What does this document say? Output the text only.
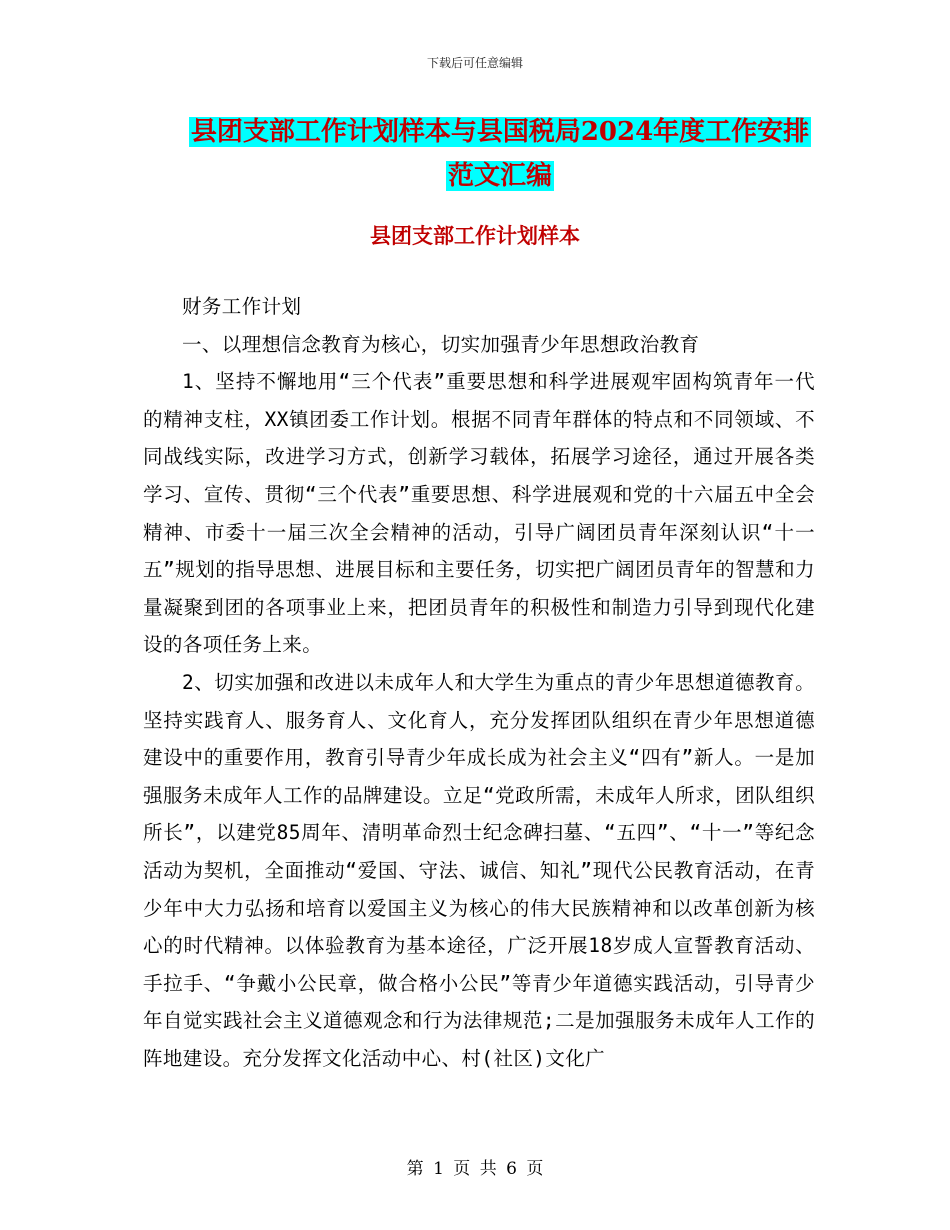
下载后可任意编辑
县团支部工作计划样本与县国税局2024年度工作安排
范文汇编
县团支部工作计划样本

财务工作计划

一、以理想信念教育为核心，切实加强青少年思想政治教育

1、坚持不懈地用“三个代表”重要思想和科学进展观牢固构筑青年一代的精神支柱，XX镇团委工作计划。根据不同青年群体的特点和不同领域、不同战线实际，改进学习方式，创新学习载体，拓展学习途径，通过开展各类学习、宣传、贯彻“三个代表”重要思想、科学进展观和党的十六届五中全会精神、市委十一届三次全会精神的活动，引导广阔团员青年深刻认识“十一五”规划的指导思想、进展目标和主要任务，切实把广阔团员青年的智慧和力量凝聚到团的各项事业上来，把团员青年的积极性和制造力引导到现代化建设的各项任务上来。

2、切实加强和改进以未成年人和大学生为重点的青少年思想道德教育。坚持实践育人、服务育人、文化育人，充分发挥团队组织在青少年思想道德建设中的重要作用，教育引导青少年成长成为社会主义“四有”新人。一是加强服务未成年人工作的品牌建设。立足“党政所需，未成年人所求，团队组织所长”，以建党85周年、清明革命烈士纪念碑扫墓、“五四”、“十一”等纪念活动为契机，全面推动“爱国、守法、诚信、知礼”现代公民教育活动，在青少年中大力弘扬和培育以爱国主义为核心的伟大民族精神和以改革创新为核心的时代精神。以体验教育为基本途径，广泛开展18岁成人宣誓教育活动、手拉手、“争戴小公民章，做合格小公民”等青少年道德实践活动，引导青少年自觉实践社会主义道德观念和行为法律规范;二是加强服务未成年人工作的阵地建设。充分发挥文化活动中心、村(社区)文化广

第 1 页 共 6 页
